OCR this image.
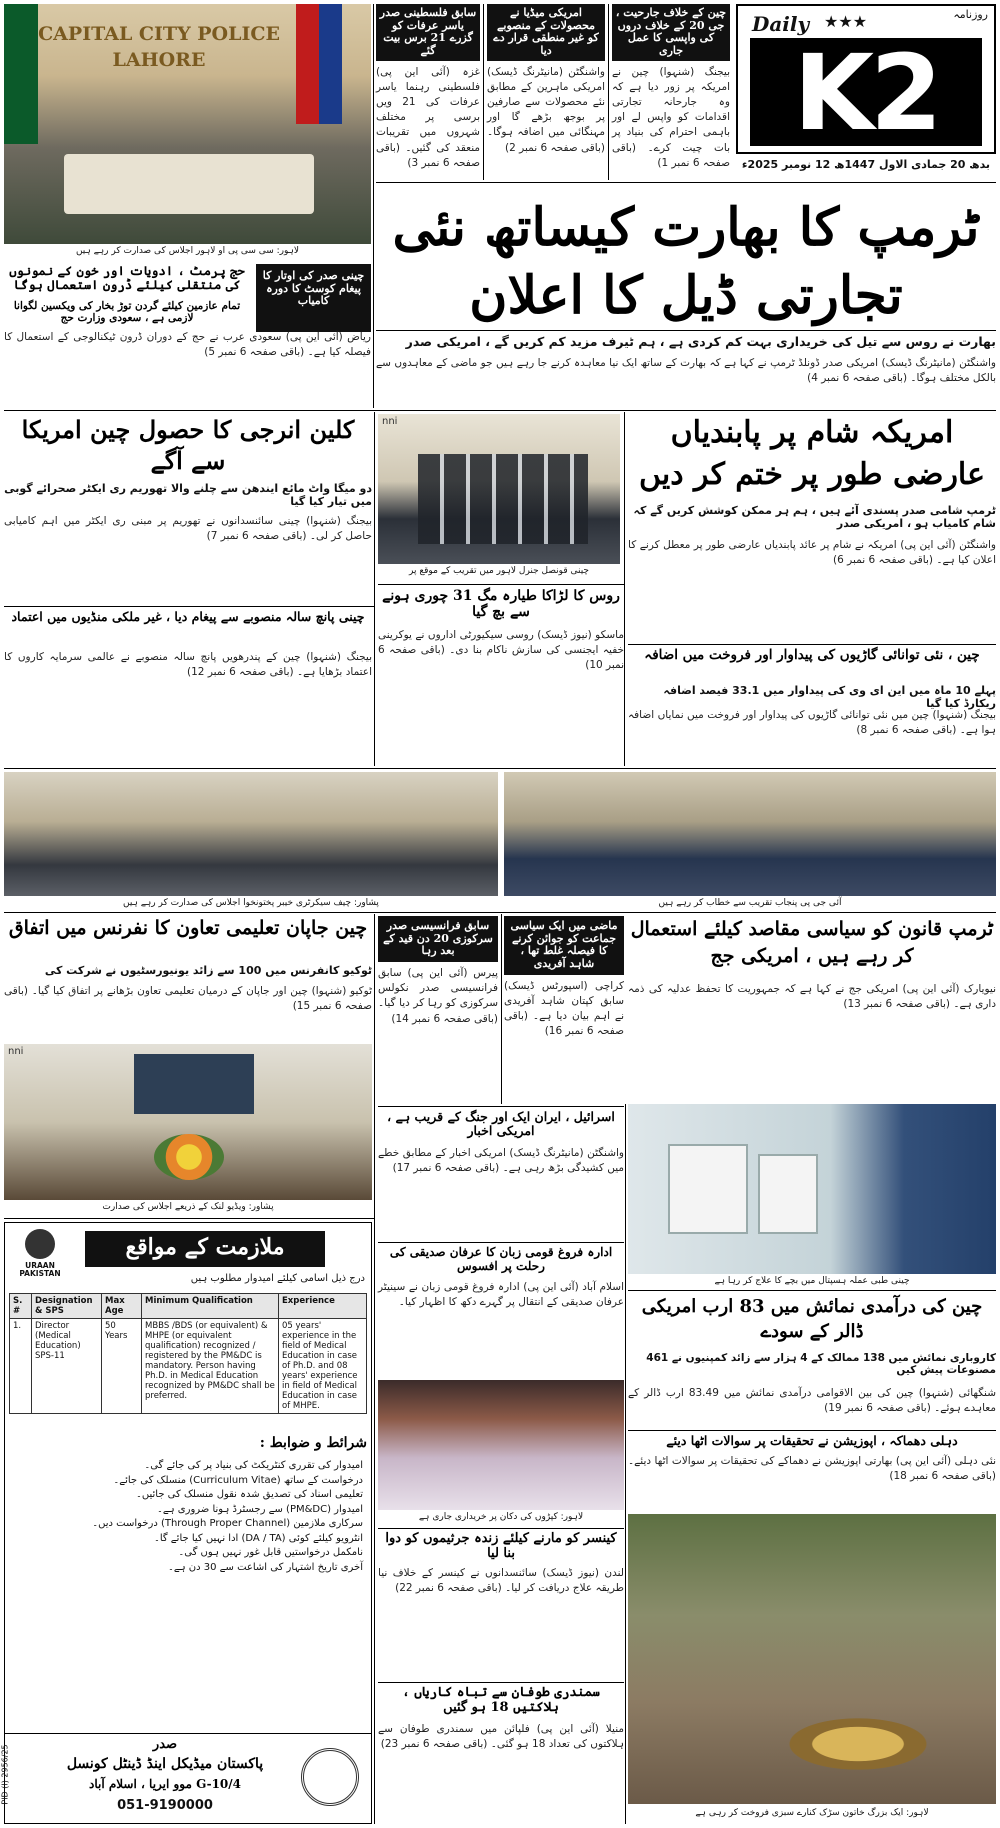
CAPITAL CITY POLICE LAHORE
لاہور: سی سی پی او لاہور اجلاس کی صدارت کر رہے ہیں
سابق فلسطینی صدر یاسر عرفات کو گزرے 21 برس بیت گئے
غزہ (آئی این پی) فلسطینی رہنما یاسر عرفات کی 21 ویں برسی پر مختلف شہروں میں تقریبات منعقد کی گئیں۔ (باقی صفحہ 6 نمبر 3)
امریکی میڈیا نے محصولات کے منصوبے کو غیر منطقی قرار دے دیا
واشنگٹن (مانیٹرنگ ڈیسک) امریکی ماہرین کے مطابق نئے محصولات سے صارفین پر بوجھ بڑھے گا اور مہنگائی میں اضافہ ہوگا۔ (باقی صفحہ 6 نمبر 2)
چین کے خلاف جارحیت ، جی 20 کے خلاف دروں کی واپسی کا عمل جاری
بیجنگ (شنہوا) چین نے امریکہ پر زور دیا ہے کہ وہ جارحانہ تجارتی اقدامات کو واپس لے اور باہمی احترام کی بنیاد پر بات چیت کرے۔ (باقی صفحہ 6 نمبر 1)
Daily ★★★	روزنامہ
K2
بدھ 20 جمادی الاول 1447ھ 12 نومبر 2025ء
ٹرمپ کا بھارت کیساتھ نئی تجارتی ڈیل کا اعلان
بھارت نے روس سے تیل کی خریداری بہت کم کردی ہے ، ہم ٹیرف مزید کم کریں گے ، امریکی صدر
واشنگٹن (مانیٹرنگ ڈیسک) امریکی صدر ڈونلڈ ٹرمپ نے کہا ہے کہ بھارت کے ساتھ ایک نیا معاہدہ کرنے جا رہے ہیں جو ماضی کے معاہدوں سے بالکل مختلف ہوگا۔ (باقی صفحہ 6 نمبر 4)
چینی صدر کی اوتار کا پیغام کوسٹ کا دورہ کامیاب
حج پرمٹ ، ادویات اور خون کے نمونوں کی منتقلی کیلئے ڈرون استعمال ہوگا
تمام عازمین کیلئے گردن توڑ بخار کی ویکسین لگوانا لازمی ہے ، سعودی وزارت حج
ریاض (آئی این پی) سعودی عرب نے حج کے دوران ڈرون ٹیکنالوجی کے استعمال کا فیصلہ کیا ہے۔ (باقی صفحہ 6 نمبر 5)
امریکہ شام پر پابندیاں عارضی طور پر ختم کر دیں
ٹرمپ شامی صدر پسندی آئے ہیں ، ہم ہر ممکن کوشش کریں گے کہ شام کامیاب ہو ، امریکی صدر
واشنگٹن (آئی این پی) امریکہ نے شام پر عائد پابندیاں عارضی طور پر معطل کرنے کا اعلان کیا ہے۔ (باقی صفحہ 6 نمبر 6)
nni
چینی قونصل جنرل لاہور میں تقریب کے موقع پر
کلین انرجی کا حصول چین امریکا سے آگے
دو میگا واٹ مائع ایندھن سے چلنے والا تھوریم ری ایکٹر صحرائے گوبی میں تیار کیا گیا
بیجنگ (شنہوا) چینی سائنسدانوں نے تھوریم پر مبنی ری ایکٹر میں اہم کامیابی حاصل کر لی۔ (باقی صفحہ 6 نمبر 7)
چینی پانچ سالہ منصوبے سے پیغام دیا ، غیر ملکی منڈیوں میں اعتماد
بیجنگ (شنہوا) چین کے پندرھویں پانچ سالہ منصوبے نے عالمی سرمایہ کاروں کا اعتماد بڑھایا ہے۔ (باقی صفحہ 6 نمبر 12)
روس کا لڑاکا طیارہ مگ 31 چوری ہونے سے بچ گیا
ماسکو (نیوز ڈیسک) روسی سیکیورٹی اداروں نے یوکرینی خفیہ ایجنسی کی سازش ناکام بنا دی۔ (باقی صفحہ 6 نمبر 10)
چین ، نئی توانائی گاڑیوں کی پیداوار اور فروخت میں اضافہ
پہلے 10 ماہ میں این ای وی کی پیداوار میں 33.1 فیصد اضافہ ریکارڈ کیا گیا
بیجنگ (شنہوا) چین میں نئی توانائی گاڑیوں کی پیداوار اور فروخت میں نمایاں اضافہ ہوا ہے۔ (باقی صفحہ 6 نمبر 8)
پشاور: چیف سیکرٹری خیبر پختونخوا اجلاس کی صدارت کر رہے ہیں	آئی جی پی پنجاب تقریب سے خطاب کر رہے ہیں
چین جاپان تعلیمی تعاون کا نفرنس میں اتفاق
ٹوکیو کانفرنس میں 100 سے زائد یونیورسٹیوں نے شرکت کی
ٹوکیو (شنہوا) چین اور جاپان کے درمیان تعلیمی تعاون بڑھانے پر اتفاق کیا گیا۔ (باقی صفحہ 6 نمبر 15)
سابق فرانسیسی صدر سرکوزی 20 دن قید کے بعد رہا
پیرس (آئی این پی) سابق فرانسیسی صدر نکولس سرکوزی کو رہا کر دیا گیا۔ (باقی صفحہ 6 نمبر 14)
ماضی میں ایک سیاسی جماعت کو جوائن کرنے کا فیصلہ غلط تھا ، شاہد آفریدی
کراچی (اسپورٹس ڈیسک) سابق کپتان شاہد آفریدی نے اہم بیان دیا ہے۔ (باقی صفحہ 6 نمبر 16)
ٹرمپ قانون کو سیاسی مقاصد کیلئے استعمال کر رہے ہیں ، امریکی جج
نیویارک (آئی این پی) امریکی جج نے کہا ہے کہ جمہوریت کا تحفظ عدلیہ کی ذمہ داری ہے۔ (باقی صفحہ 6 نمبر 13)
nni
پشاور: ویڈیو لنک کے ذریعے اجلاس کی صدارت
اسرائیل ، ایران ایک اور جنگ کے قریب ہے ، امریکی اخبار
واشنگٹن (مانیٹرنگ ڈیسک) امریکی اخبار کے مطابق خطے میں کشیدگی بڑھ رہی ہے۔ (باقی صفحہ 6 نمبر 17)
ادارہ فروغ قومی زبان کا عرفان صدیقی کی رحلت پر افسوس
اسلام آباد (آئی این پی) ادارہ فروغ قومی زبان نے سینیٹر عرفان صدیقی کے انتقال پر گہرے دکھ کا اظہار کیا۔
چینی طبی عملہ ہسپتال میں بچے کا علاج کر رہا ہے
چین کی درآمدی نمائش میں 83 ارب امریکی ڈالر کے سودے
کاروباری نمائش میں 138 ممالک کے 4 ہزار سے زائد کمپنیوں نے 461 مصنوعات پیش کیں
شنگھائی (شنہوا) چین کی بین الاقوامی درآمدی نمائش میں 83.49 ارب ڈالر کے معاہدے ہوئے۔ (باقی صفحہ 6 نمبر 19)
دہلی دھماکہ ، اپوزیشن نے تحقیقات پر سوالات اٹھا دیئے
نئی دہلی (آئی این پی) بھارتی اپوزیشن نے دھماکے کی تحقیقات پر سوالات اٹھا دیئے۔ (باقی صفحہ 6 نمبر 18)
لاہور: ایک بزرگ خاتون سڑک کنارے سبزی فروخت کر رہی ہے
لاہور: کپڑوں کی دکان پر خریداری جاری ہے
کینسر کو مارنے کیلئے زندہ جرثیموں کو دوا بنا لیا
لندن (نیوز ڈیسک) سائنسدانوں نے کینسر کے خلاف نیا طریقہ علاج دریافت کر لیا۔ (باقی صفحہ 6 نمبر 22)
سمندری طوفان سے تباہ کاریاں ، ہلاکتیں 18 ہو گئیں
منیلا (آئی این پی) فلپائن میں سمندری طوفان سے ہلاکتوں کی تعداد 18 ہو گئی۔ (باقی صفحہ 6 نمبر 23)
URAAN PAKISTAN
ملازمت کے مواقع
درج ذیل اسامی کیلئے امیدوار مطلوب ہیں
S. #	Designation & SPS	Max Age	Minimum Qualification	Experience
1.	Director (Medical Education) SPS-11	50 Years	MBBS /BDS (or equivalent) & MHPE (or equivalent qualification) recognized / registered by the PM&DC is mandatory. Person having Ph.D. in Medical Education recognized by PM&DC shall be preferred.	05 years' experience in the field of Medical Education in case of Ph.D. and 08 years' experience in field of Medical Education in case of MHPE.
شرائط و ضوابط :
امیدوار کی تقرری کنٹریکٹ کی بنیاد پر کی جائے گی۔
درخواست کے ساتھ (Curriculum Vitae) منسلک کی جائے۔
تعلیمی اسناد کی تصدیق شدہ نقول منسلک کی جائیں۔
امیدوار (PM&DC) سے رجسٹرڈ ہونا ضروری ہے۔
سرکاری ملازمین (Through Proper Channel) درخواست دیں۔
انٹرویو کیلئے کوئی (DA / TA) ادا نہیں کیا جائے گا۔
نامکمل درخواستیں قابل غور نہیں ہوں گی۔
آخری تاریخ اشتہار کی اشاعت سے 30 دن ہے۔
PID (I) 2956/25	صدر
پاکستان میڈیکل اینڈ ڈینٹل کونسل
G-10/4 موو ایریا ، اسلام آباد
051-9190000
